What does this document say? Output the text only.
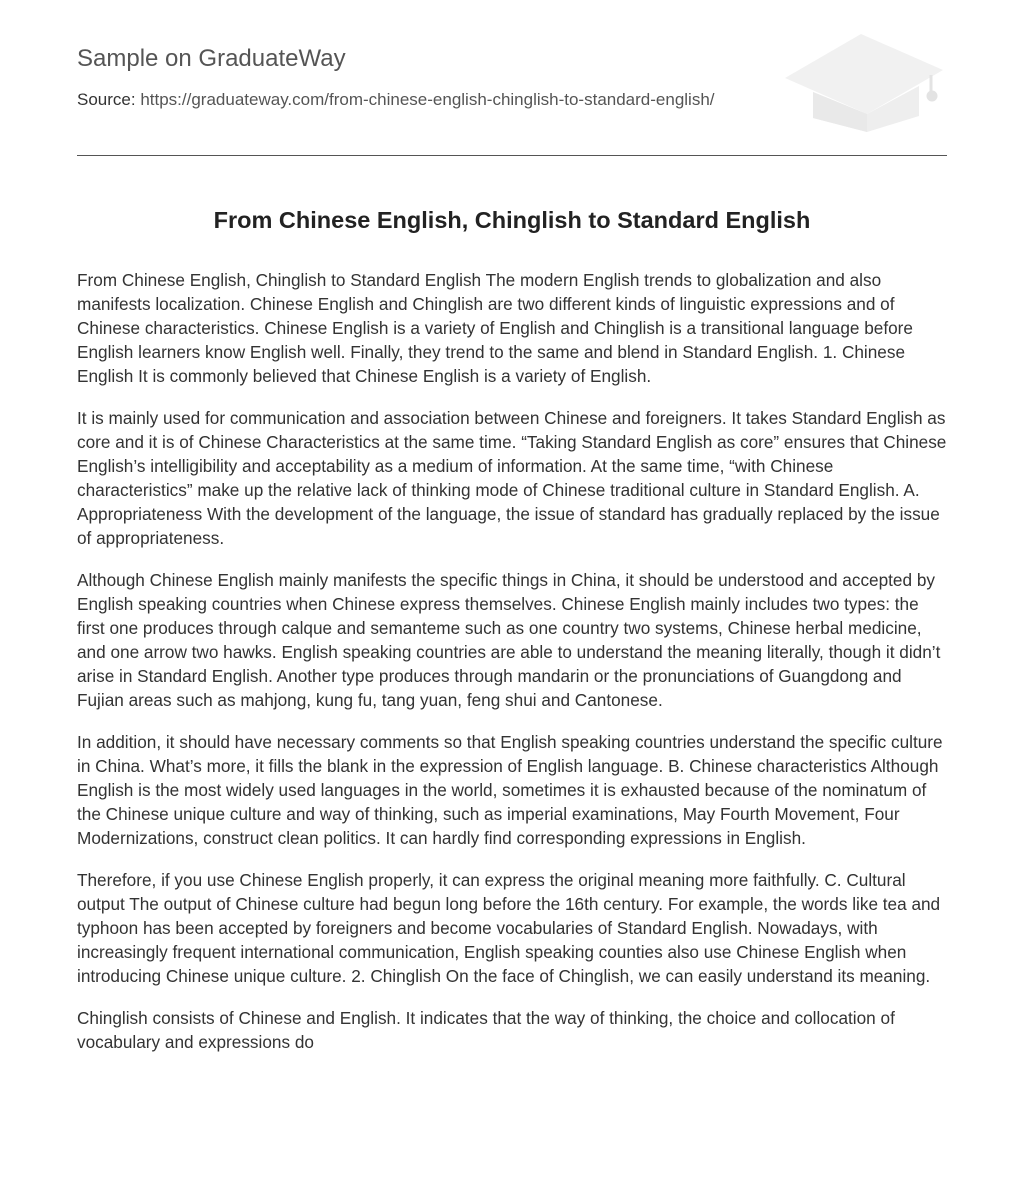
Sample on GraduateWay
Source: https://graduateway.com/from-chinese-english-chinglish-to-standard-english/
From Chinese English, Chinglish to Standard English

From Chinese English, Chinglish to Standard English The modern English trends to globalization and also manifests localization. Chinese English and Chinglish are two different kinds of linguistic expressions and of Chinese characteristics. Chinese English is a variety of English and Chinglish is a transitional language before English learners know English well. Finally, they trend to the same and blend in Standard English. 1. Chinese English It is commonly believed that Chinese English is a variety of English.

It is mainly used for communication and association between Chinese and foreigners. It takes Standard English as core and it is of Chinese Characteristics at the same time. “Taking Standard English as core” ensures that Chinese English’s intelligibility and acceptability as a medium of information. At the same time, “with Chinese characteristics” make up the relative lack of thinking mode of Chinese traditional culture in Standard English. A. Appropriateness With the development of the language, the issue of standard has gradually replaced by the issue of appropriateness.

Although Chinese English mainly manifests the specific things in China, it should be understood and accepted by English speaking countries when Chinese express themselves. Chinese English mainly includes two types: the first one produces through calque and semanteme such as one country two systems, Chinese herbal medicine, and one arrow two hawks. English speaking countries are able to understand the meaning literally, though it didn’t arise in Standard English. Another type produces through mandarin or the pronunciations of Guangdong and Fujian areas such as mahjong, kung fu, tang yuan, feng shui and Cantonese.

In addition, it should have necessary comments so that English speaking countries understand the specific culture in China. What’s more, it fills the blank in the expression of English language. B. Chinese characteristics Although English is the most widely used languages in the world, sometimes it is exhausted because of the nominatum of the Chinese unique culture and way of thinking, such as imperial examinations, May Fourth Movement, Four Modernizations, construct clean politics. It can hardly find corresponding expressions in English.

Therefore, if you use Chinese English properly, it can express the original meaning more faithfully. C. Cultural output The output of Chinese culture had begun long before the 16th century. For example, the words like tea and typhoon has been accepted by foreigners and become vocabularies of Standard English. Nowadays, with increasingly frequent international communication, English speaking counties also use Chinese English when introducing Chinese unique culture. 2. Chinglish On the face of Chinglish, we can easily understand its meaning.

Chinglish consists of Chinese and English. It indicates that the way of thinking, the choice and collocation of vocabulary and expressions do
